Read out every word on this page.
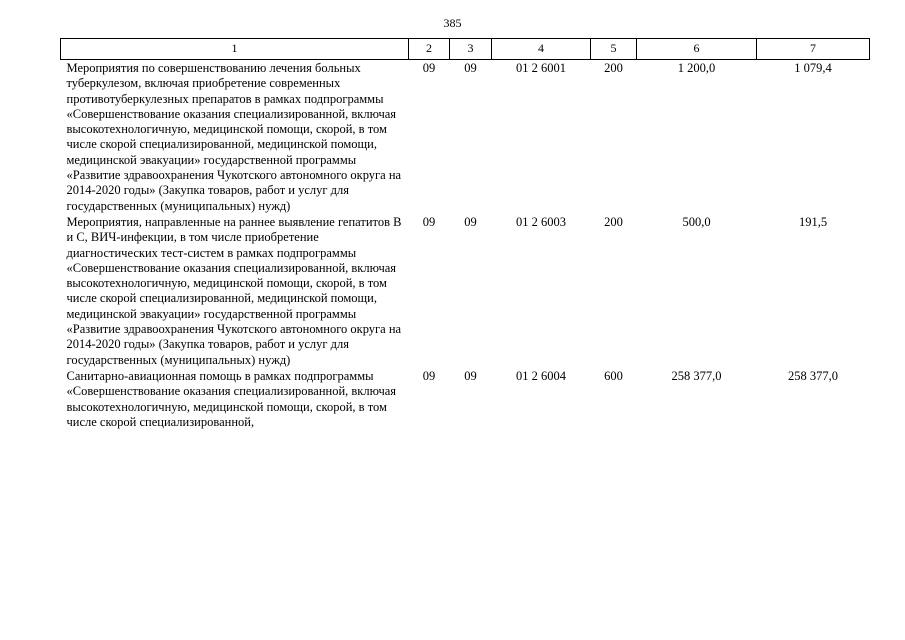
385
1	2	3	4	5	6	7
Мероприятия по совершенствованию лечения больных туберкулезом, включая приобретение современных противотуберкулезных препаратов в рамках подпрограммы «Совершенствование оказания специализированной, включая высокотехнологичную, медицинской помощи, скорой, в том числе скорой специализированной, медицинской помощи, медицинской эвакуации» государственной программы «Развитие здравоохранения Чукотского автономного округа на 2014-2020 годы» (Закупка товаров, работ и услуг для государственных (муниципальных) нужд)	09	09	01 2 6001	200	1 200,0	1 079,4
Мероприятия, направленные на раннее выявление гепатитов В и С, ВИЧ-инфекции, в том числе приобретение диагностических тест-систем в рамках подпрограммы «Совершенствование оказания специализированной, включая высокотехнологичную, медицинской помощи, скорой, в том числе скорой специализированной, медицинской помощи, медицинской эвакуации» государственной программы «Развитие здравоохранения Чукотского автономного округа на 2014-2020 годы» (Закупка товаров, работ и услуг для государственных (муниципальных) нужд)	09	09	01 2 6003	200	500,0	191,5
Санитарно-авиационная помощь в рамках подпрограммы «Совершенствование оказания специализированной, включая высокотехнологичную, медицинской помощи, скорой, в том числе скорой специализированной,	09	09	01 2 6004	600	258 377,0	258 377,0
